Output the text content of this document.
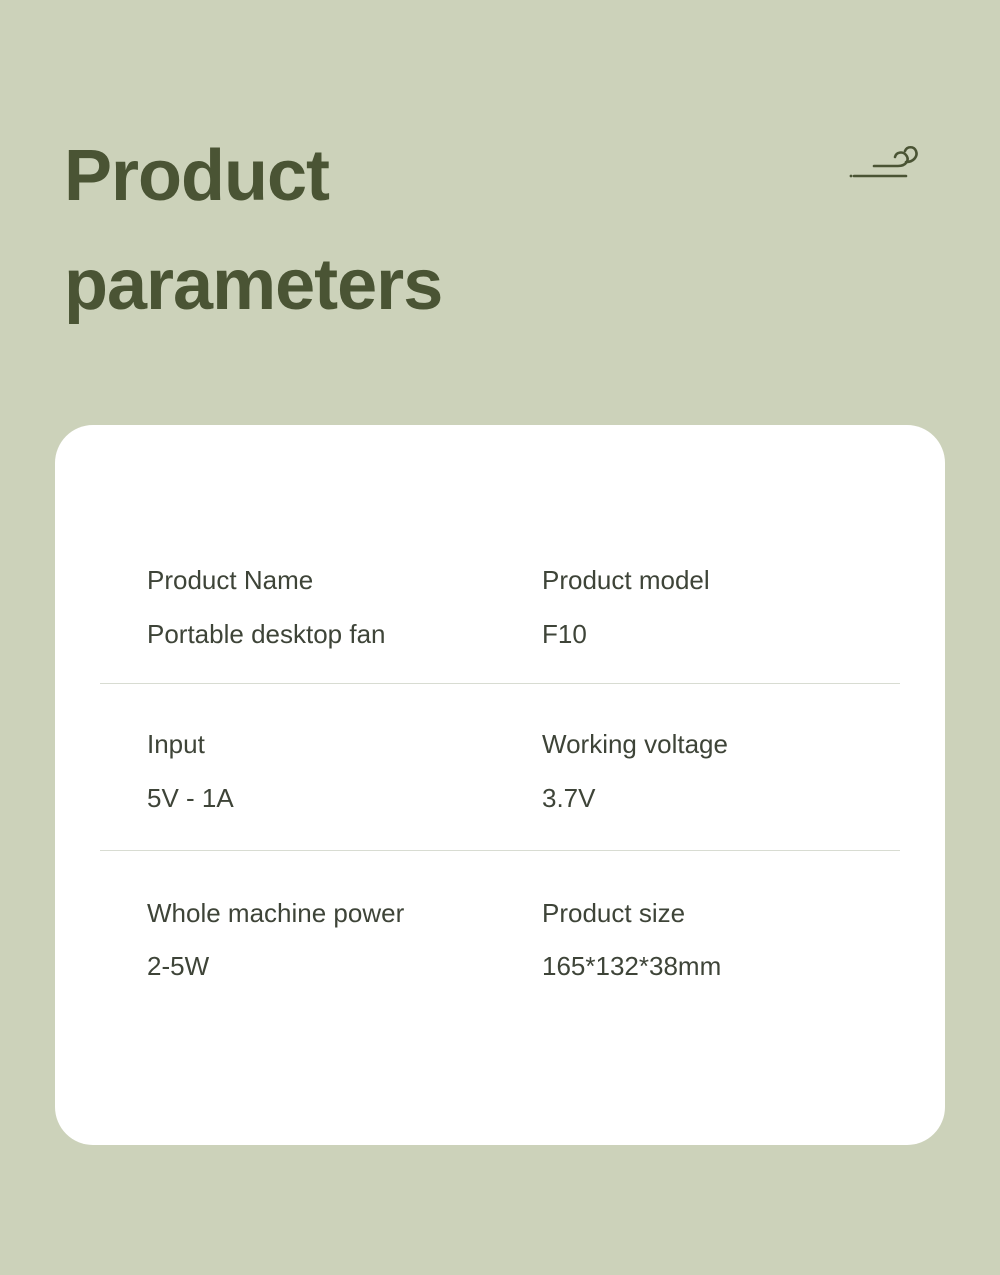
Product
parameters
Product Name
Portable desktop fan
Product model
F10
Input
5V - 1A
Working voltage
3.7V
Whole machine power
2-5W
Product size
165*132*38mm
